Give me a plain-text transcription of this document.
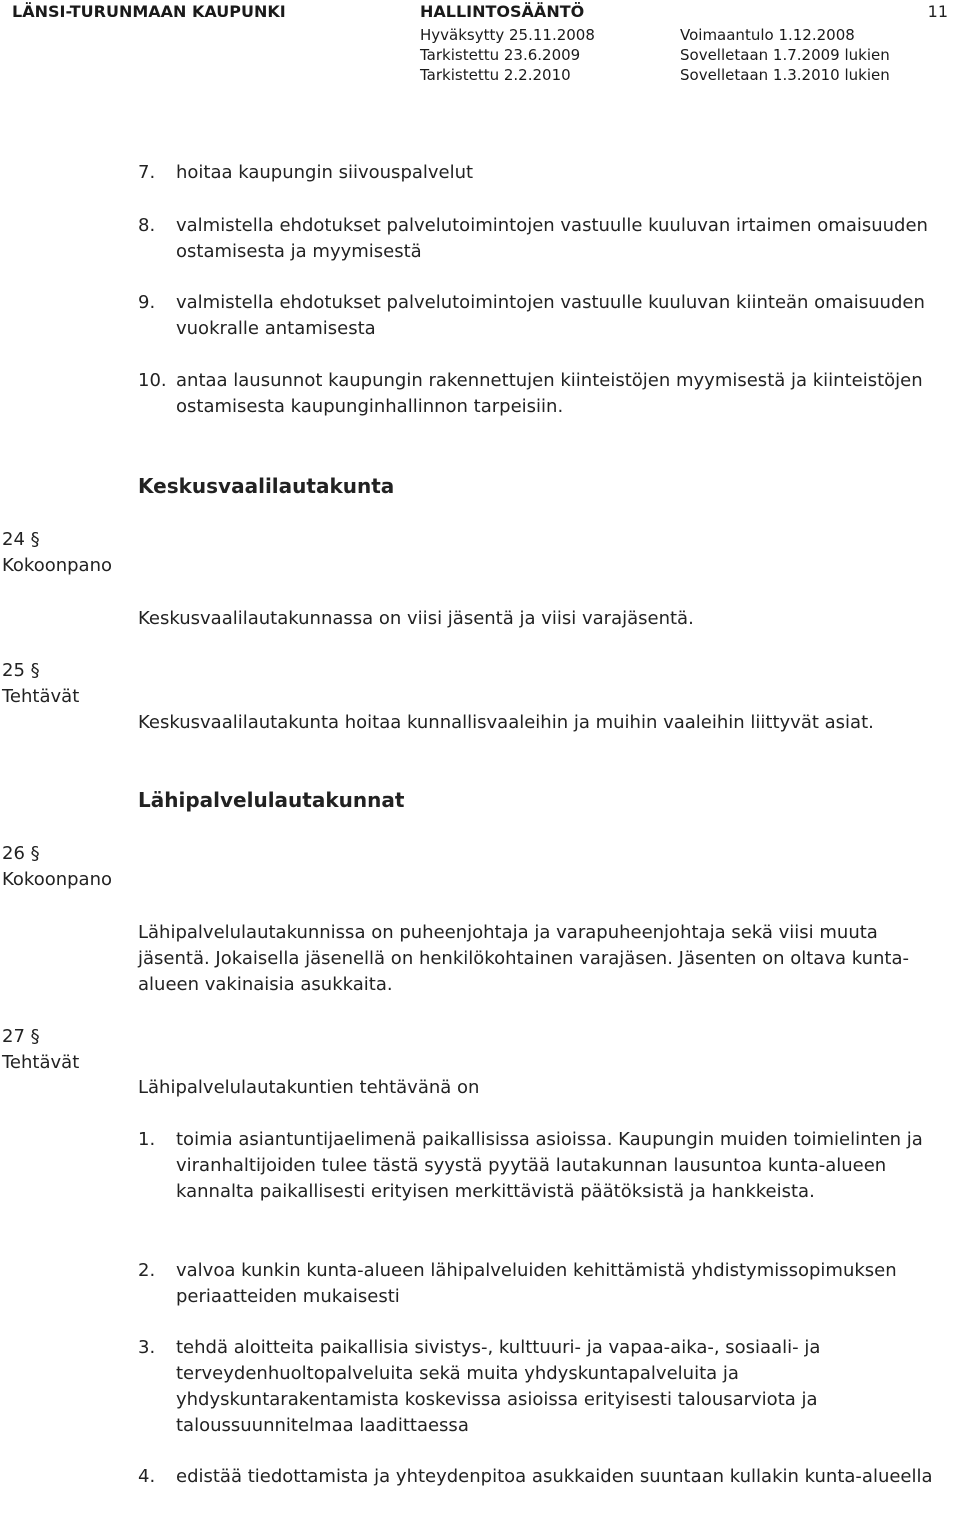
LÄNSI-TURUNMAAN KAUPUNKI	HALLINTOSÄÄNTÖ	11
Hyväksytty 25.11.2008
Tarkistettu 23.6.2009
Tarkistettu 2.2.2010
Voimaantulo 1.12.2008
Sovelletaan 1.7.2009 lukien
Sovelletaan 1.3.2010 lukien
7. hoitaa kaupungin siivouspalvelut
8. valmistella ehdotukset palvelutoimintojen vastuulle kuuluvan irtaimen omaisuuden ostamisesta ja myymisestä
9. valmistella ehdotukset palvelutoimintojen vastuulle kuuluvan kiinteän omaisuuden vuokralle antamisesta
10. antaa lausunnot kaupungin rakennettujen kiinteistöjen myymisestä ja kiinteistöjen ostamisesta kaupunginhallinnon tarpeisiin.
Keskusvaalilautakunta
24 §
Kokoonpano
Keskusvaalilautakunnassa on viisi jäsentä ja viisi varajäsentä.
25 §
Tehtävät
Keskusvaalilautakunta hoitaa kunnallisvaaleihin ja muihin vaaleihin liittyvät asiat.
Lähipalvelulautakunnat
26 §
Kokoonpano
Lähipalvelulautakunnissa on puheenjohtaja ja varapuheenjohtaja sekä viisi muuta jäsentä. Jokaisella jäsenellä on henkilökohtainen varajäsen. Jäsenten on oltava kunta-alueen vakinaisia asukkaita.
27 §
Tehtävät
Lähipalvelulautakuntien tehtävänä on
1. toimia asiantuntijaelimenä paikallisissa asioissa. Kaupungin muiden toimielinten ja viranhaltijoiden tulee tästä syystä pyytää lautakunnan lausuntoa kunta-alueen kannalta paikallisesti erityisen merkittävistä päätöksistä ja hankkeista.
2. valvoa kunkin kunta-alueen lähipalveluiden kehittämistä yhdistymissopimuksen periaatteiden mukaisesti
3. tehdä aloitteita paikallisia sivistys-, kulttuuri- ja vapaa-aika-, sosiaali- ja terveydenhuoltopalveluita sekä muita yhdyskuntapalveluita ja yhdyskuntarakentamista koskevissa asioissa erityisesti talousarviota ja taloussuunnitelmaa laadittaessa
4. edistää tiedottamista ja yhteydenpitoa asukkaiden suuntaan kullakin kunta-alueella
